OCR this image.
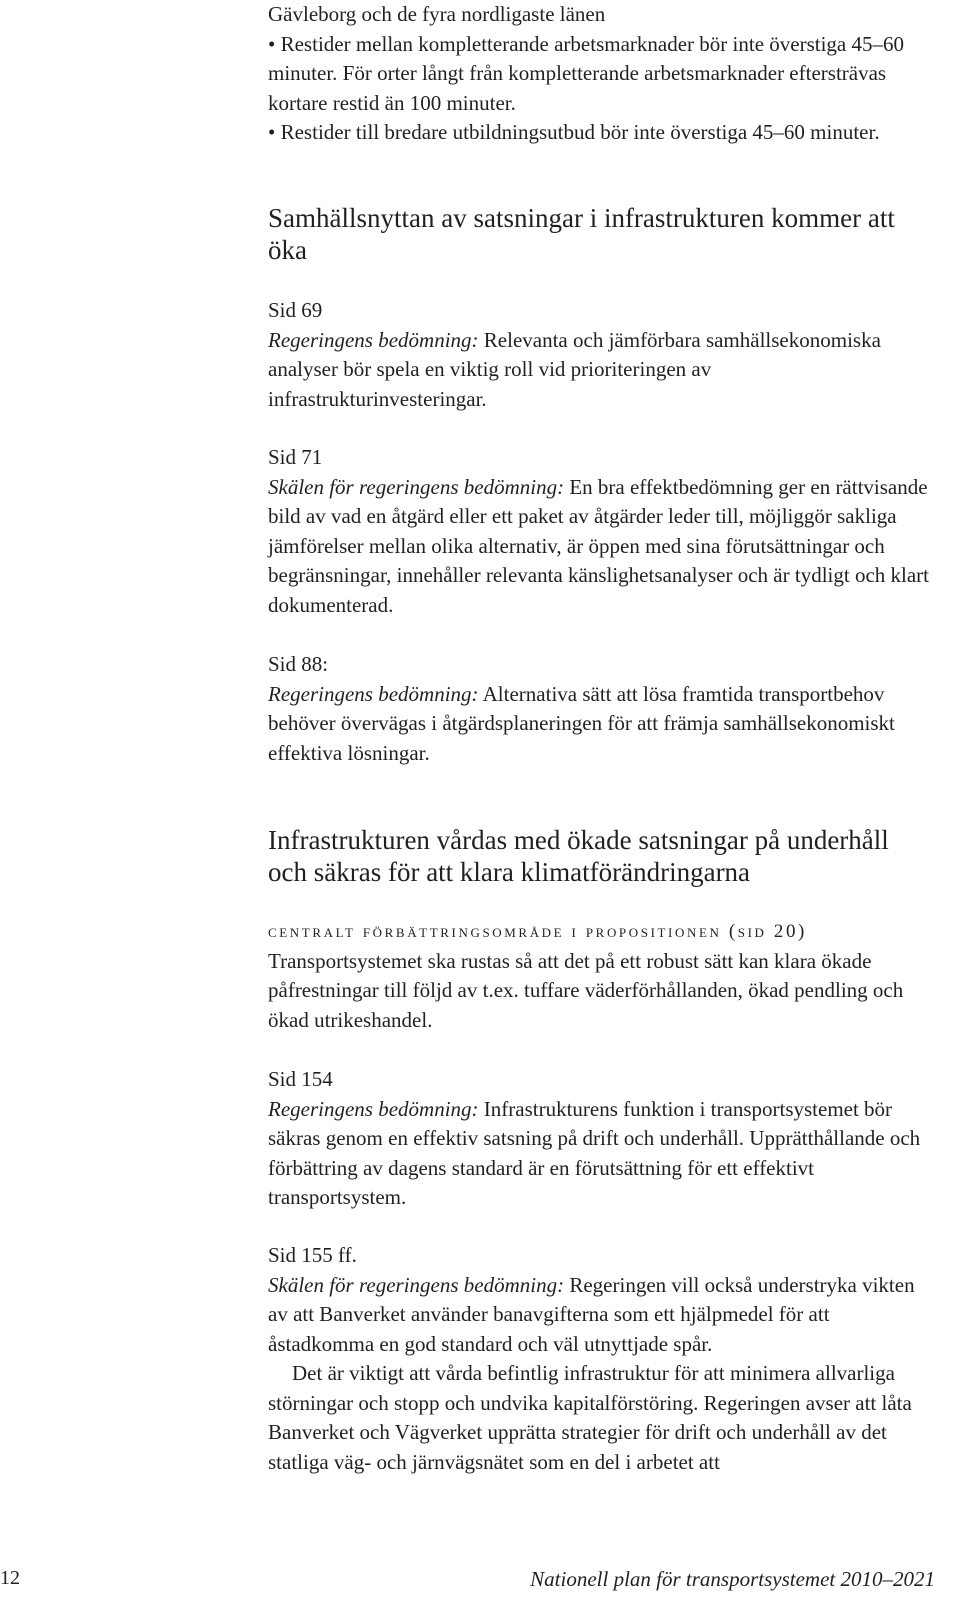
Gävleborg och de fyra nordligaste länen

• Restider mellan kompletterande arbetsmarknader bör inte överstiga 45–60 minuter. För orter långt från kompletterande arbetsmarknader eftersträvas kortare restid än 100 minuter.

• Restider till bredare utbildningsutbud bör inte överstiga 45–60 minuter.

Samhällsnyttan av satsningar i infrastrukturen kommer att öka

Sid 69

Regeringens bedömning: Relevanta och jämförbara samhällsekonomiska analyser bör spela en viktig roll vid prioriteringen av infrastrukturinvesteringar.

Sid 71

Skälen för regeringens bedömning: En bra effektbedömning ger en rättvisande bild av vad en åtgärd eller ett paket av åtgärder leder till, möjliggör sakliga jämförelser mellan olika alternativ, är öppen med sina förutsättningar och begränsningar, innehåller relevanta känslighetsanalyser och är tydligt och klart dokumenterad.

Sid 88:

Regeringens bedömning: Alternativa sätt att lösa framtida transportbehov behöver övervägas i åtgärdsplaneringen för att främja samhällsekonomiskt effektiva lösningar.

Infrastrukturen vårdas med ökade satsningar på underhåll och säkras för att klara klimatförändringarna

centralt förbättringsområde i propositionen (sid 20)

Transportsystemet ska rustas så att det på ett robust sätt kan klara ökade påfrestningar till följd av t.ex. tuffare väderförhållanden, ökad pendling och ökad utrikeshandel.

Sid 154

Regeringens bedömning: Infrastrukturens funktion i transportsystemet bör säkras genom en effektiv satsning på drift och underhåll. Upprätthållande och förbättring av dagens standard är en förutsättning för ett effektivt transportsystem.

Sid 155 ff.

Skälen för regeringens bedömning: Regeringen vill också understryka vikten av att Banverket använder banavgifterna som ett hjälpmedel för att åstadkomma en god standard och väl utnyttjade spår.

Det är viktigt att vårda befintlig infrastruktur för att minimera allvarliga störningar och stopp och undvika kapitalförstöring. Regeringen avser att låta Banverket och Vägverket upprätta strategier för drift och underhåll av det statliga väg- och järnvägsnätet som en del i arbetet att

12	Nationell plan för transportsystemet 2010–2021
